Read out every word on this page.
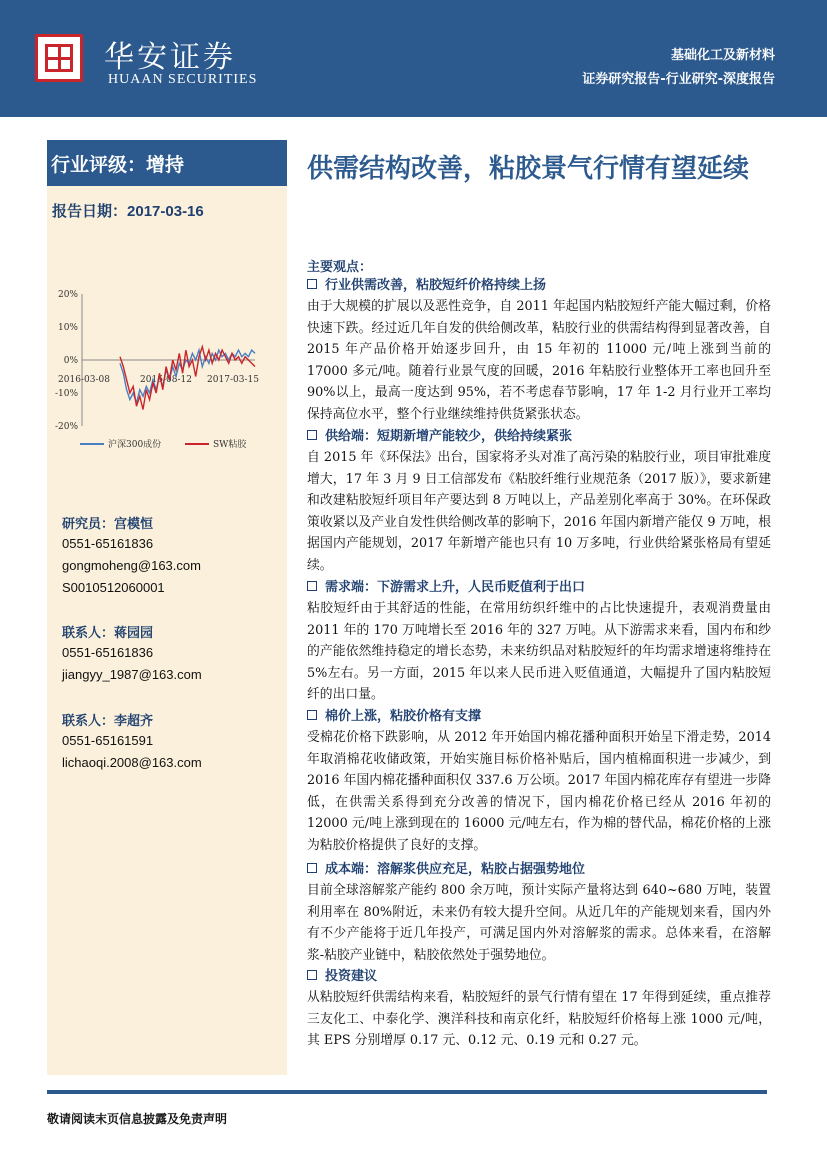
华安证券
HUAAN SECURITIES
基础化工及新材料
证券研究报告-行业研究-深度报告
行业评级：增持
报告日期：2017-03-16
20%
10%
0%
-10%
-20%
2016-03-08	2016-08-12 2017-03-15
沪深300成份	SW粘胶
研究员：宫模恒
0551-65161836
gongmoheng@163.com
S0010512060001
联系人：蒋园园
0551-65161836
jiangyy_1987@163.com
联系人：李超齐
0551-65161591
lichaoqi.2008@163.com
供需结构改善，粘胶景气行情有望延续
主要观点：
行业供需改善，粘胶短纤价格持续上扬
由于大规模的扩展以及恶性竞争，自 2011 年起国内粘胶短纤产能大幅过剩，价格快速下跌。经过近几年自发的供给侧改革，粘胶行业的供需结构得到显著改善，自 2015 年产品价格开始逐步回升，由 15 年初的 11000 元/吨上涨到当前的 17000 多元/吨。随着行业景气度的回暖，2016 年粘胶行业整体开工率也回升至 90%以上，最高一度达到 95%，若不考虑春节影响，17 年 1-2 月行业开工率均保持高位水平，整个行业继续维持供货紧张状态。
供给端：短期新增产能较少，供给持续紧张
自 2015 年《环保法》出台，国家将矛头对准了高污染的粘胶行业，项目审批难度增大，17 年 3 月 9 日工信部发布《粘胶纤维行业规范条（2017 版）》，要求新建和改建粘胶短纤项目年产要达到 8 万吨以上，产品差别化率高于 30%。在环保政策收紧以及产业自发性供给侧改革的影响下，2016 年国内新增产能仅 9 万吨，根据国内产能规划，2017 年新增产能也只有 10 万多吨，行业供给紧张格局有望延续。
需求端：下游需求上升，人民币贬值利于出口
粘胶短纤由于其舒适的性能，在常用纺织纤维中的占比快速提升，表观消费量由 2011 年的 170 万吨增长至 2016 年的 327 万吨。从下游需求来看，国内布和纱的产能依然维持稳定的增长态势，未来纺织品对粘胶短纤的年均需求增速将维持在 5%左右。另一方面，2015 年以来人民币进入贬值通道，大幅提升了国内粘胶短纤的出口量。
棉价上涨，粘胶价格有支撑
受棉花价格下跌影响，从 2012 年开始国内棉花播种面积开始呈下滑走势，2014 年取消棉花收储政策，开始实施目标价格补贴后，国内植棉面积进一步减少，到 2016 年国内棉花播种面积仅 337.6 万公顷。2017 年国内棉花库存有望进一步降低，在供需关系得到充分改善的情况下，国内棉花价格已经从 2016 年初的 12000 元/吨上涨到现在的 16000 元/吨左右，作为棉的替代品，棉花价格的上涨为粘胶价格提供了良好的支撑。
成本端：溶解浆供应充足，粘胶占据强势地位
目前全球溶解浆产能约 800 余万吨，预计实际产量将达到 640~680 万吨，装置利用率在 80%附近，未来仍有较大提升空间。从近几年的产能规划来看，国内外有不少产能将于近几年投产，可满足国内外对溶解浆的需求。总体来看，在溶解浆-粘胶产业链中，粘胶依然处于强势地位。
投资建议
从粘胶短纤供需结构来看，粘胶短纤的景气行情有望在 17 年得到延续，重点推荐三友化工、中泰化学、澳洋科技和南京化纤，粘胶短纤价格每上涨 1000 元/吨，其 EPS 分别增厚 0.17 元、0.12 元、0.19 元和 0.27 元。
敬请阅读末页信息披露及免责声明
